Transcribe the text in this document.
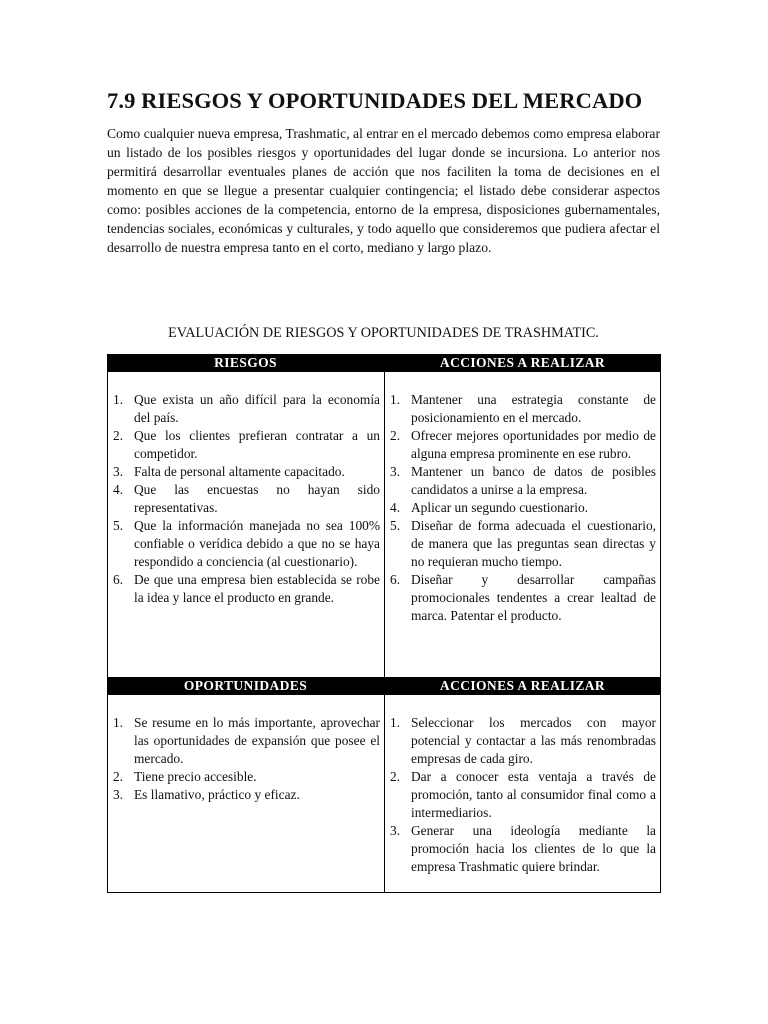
7.9 RIESGOS Y OPORTUNIDADES DEL MERCADO

Como cualquier nueva empresa, Trashmatic, al entrar en el mercado debemos como empresa elaborar un listado de los posibles riesgos y oportunidades del lugar donde se incursiona. Lo anterior nos permitirá desarrollar eventuales planes de acción que nos faciliten la toma de decisiones en el momento en que se llegue a presentar cualquier contingencia; el listado debe considerar aspectos como: posibles acciones de la competencia, entorno de la empresa, disposiciones gubernamentales, tendencias sociales, económicas y culturales, y todo aquello que consideremos que pudiera afectar el desarrollo de nuestra empresa tanto en el corto, mediano y largo plazo.

EVALUACIÓN DE RIESGOS Y OPORTUNIDADES DE TRASHMATIC.
RIESGOS	ACCIONES A REALIZAR
1. Que exista un año difícil para la economía del país.
2. Que los clientes prefieran contratar a un competidor.
3. Falta de personal altamente capacitado.
4. Que las encuestas no hayan sido representativas.
5. Que la información manejada no sea 100% confiable o verídica debido a que no se haya respondido a conciencia (al cuestionario).
6. De que una empresa bien establecida se robe la idea y lance el producto en grande.
1. Mantener una estrategia constante de posicionamiento en el mercado.
2. Ofrecer mejores oportunidades por medio de alguna empresa prominente en ese rubro.
3. Mantener un banco de datos de posibles candidatos a unirse a la empresa.
4. Aplicar un segundo cuestionario.
5. Diseñar de forma adecuada el cuestionario, de manera que las preguntas sean directas y no requieran mucho tiempo.
6. Diseñar y desarrollar campañas promocionales tendentes a crear lealtad de marca. Patentar el producto.
OPORTUNIDADES	ACCIONES A REALIZAR
1. Se resume en lo más importante, aprovechar las oportunidades de expansión que posee el mercado.
2. Tiene precio accesible.
3. Es llamativo, práctico y eficaz.
1. Seleccionar los mercados con mayor potencial y contactar a las más renombradas empresas de cada giro.
2. Dar a conocer esta ventaja a través de promoción, tanto al consumidor final como a intermediarios.
3. Generar una ideología mediante la promoción hacia los clientes de lo que la empresa Trashmatic quiere brindar.
